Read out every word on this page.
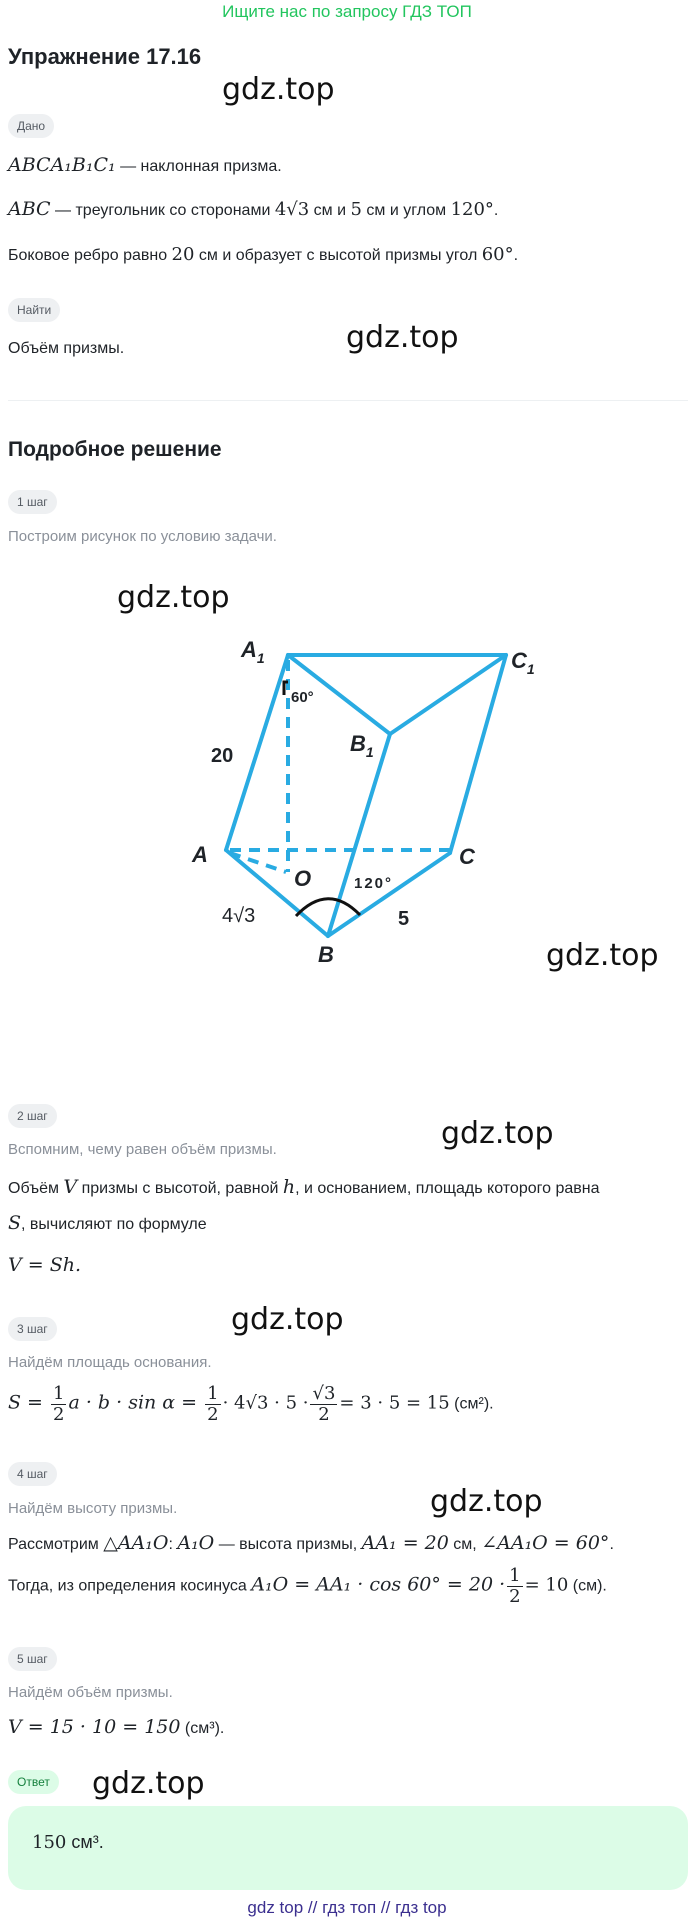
Ищите нас по запросу ГДЗ ТОП
Упражнение 17.16
gdz.top
gdz.top
gdz.top
gdz.top
gdz.top
gdz.top
gdz.top
gdz.top
Дано
ABCA₁B₁C₁ — наклонная призма.
ABC — треугольник со сторонами 4√3 см и 5 см и углом 120°.
Боковое ребро равно 20 см и образует с высотой призмы угол 60°.
Найти
Объём призмы.
Подробное решение
1 шаг
Построим рисунок по условию задачи.
$A_1$	$C_1$
$B_1$
A	C
B
O
20
5
60°
120°
4√3
2 шаг
Вспомним, чему равен объём призмы.
Объём V призмы с высотой, равной h, и основанием, площадь которого равна
S, вычисляют по формуле
V = Sh.
3 шаг
Найдём площадь основания.
$S = \frac{1}{2}$ $a \cdot b \cdot \sin \alpha = \frac{1}{2} \cdot 4√3 \cdot 5 \cdot \frac{√3}{2} = 3 \cdot 5 = 15$ (см²).
4 шаг
Найдём высоту призмы.
Рассмотрим △AA₁O: A₁O — высота призмы, AA₁ = 20 см, ∠AA₁O = 60°.
Тогда, из определения косинуса $A_1O = AA_1 \cdot \cos 60^\circ = 20 \cdot \frac{1}{2} = 10$ (см).
5 шаг
Найдём объём призмы.
V = 15 · 10 = 150 (см³).
Ответ
150 см³.
gdz top // гдз топ // гдз top
